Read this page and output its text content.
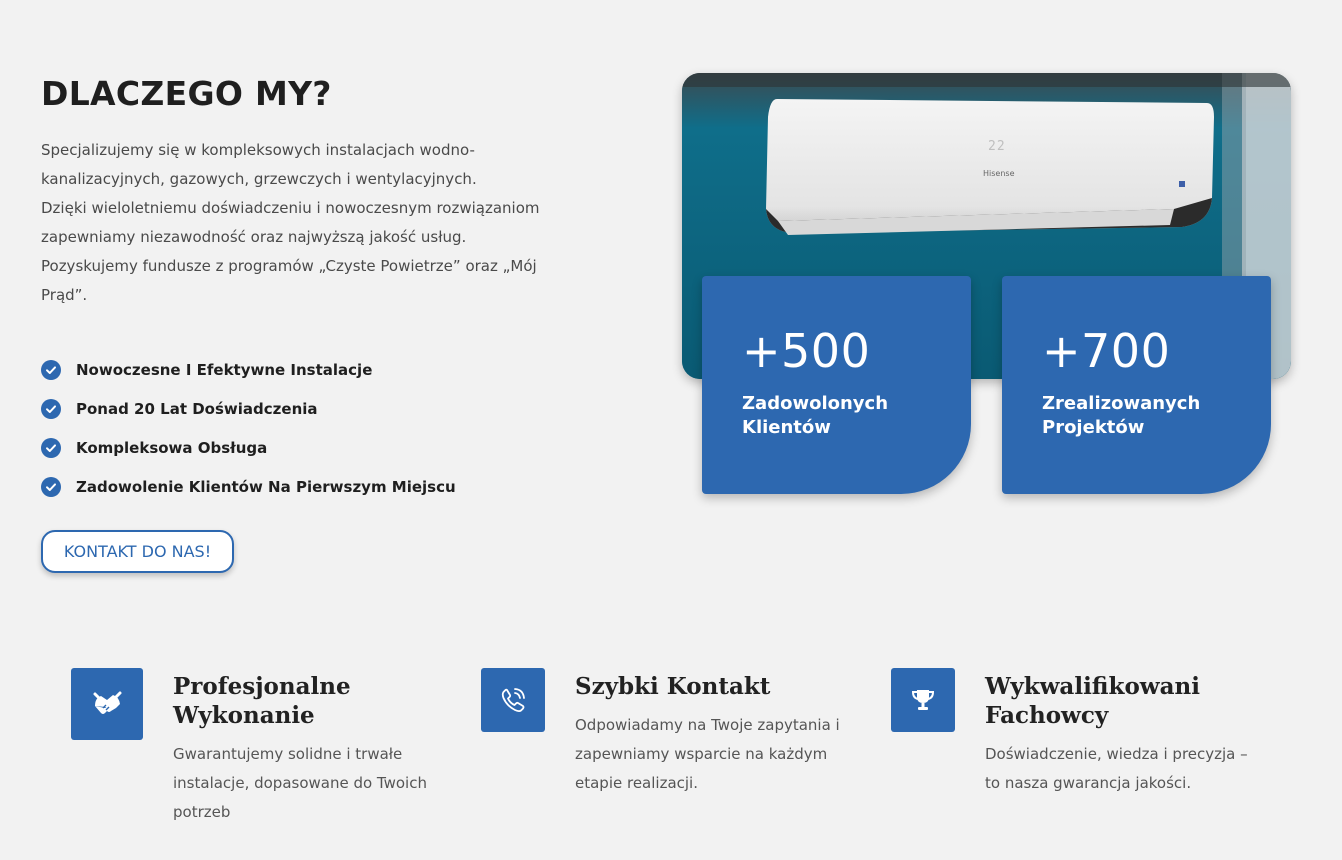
DLACZEGO MY?

Specjalizujemy się w kompleksowych instalacjach wodno-
kanalizacyjnych, gazowych, grzewczych i wentylacyjnych.
Dzięki wieloletniemu doświadczeniu i nowoczesnym rozwiązaniom
zapewniamy niezawodność oraz najwyższą jakość usług.
Pozyskujemy fundusze z programów „Czyste Powietrze” oraz „Mój
Prąd”.

Nowoczesne I Efektywne Instalacje
Ponad 20 Lat Doświadczenia
Kompleksowa Obsługa
Zadowolenie Klientów Na Pierwszym Miejscu
KONTAKT DO NAS!
22
Hisense
+500
Zadowolonych
Klientów
+700
Zrealizowanych
Projektów
Profesjonalne
Wykonanie
Gwarantujemy solidne i trwałe
instalacje, dopasowane do Twoich
potrzeb
Szybki Kontakt
Odpowiadamy na Twoje zapytania i
zapewniamy wsparcie na każdym
etapie realizacji.
Wykwalifikowani
Fachowcy
Doświadczenie, wiedza i precyzja –
to nasza gwarancja jakości.
